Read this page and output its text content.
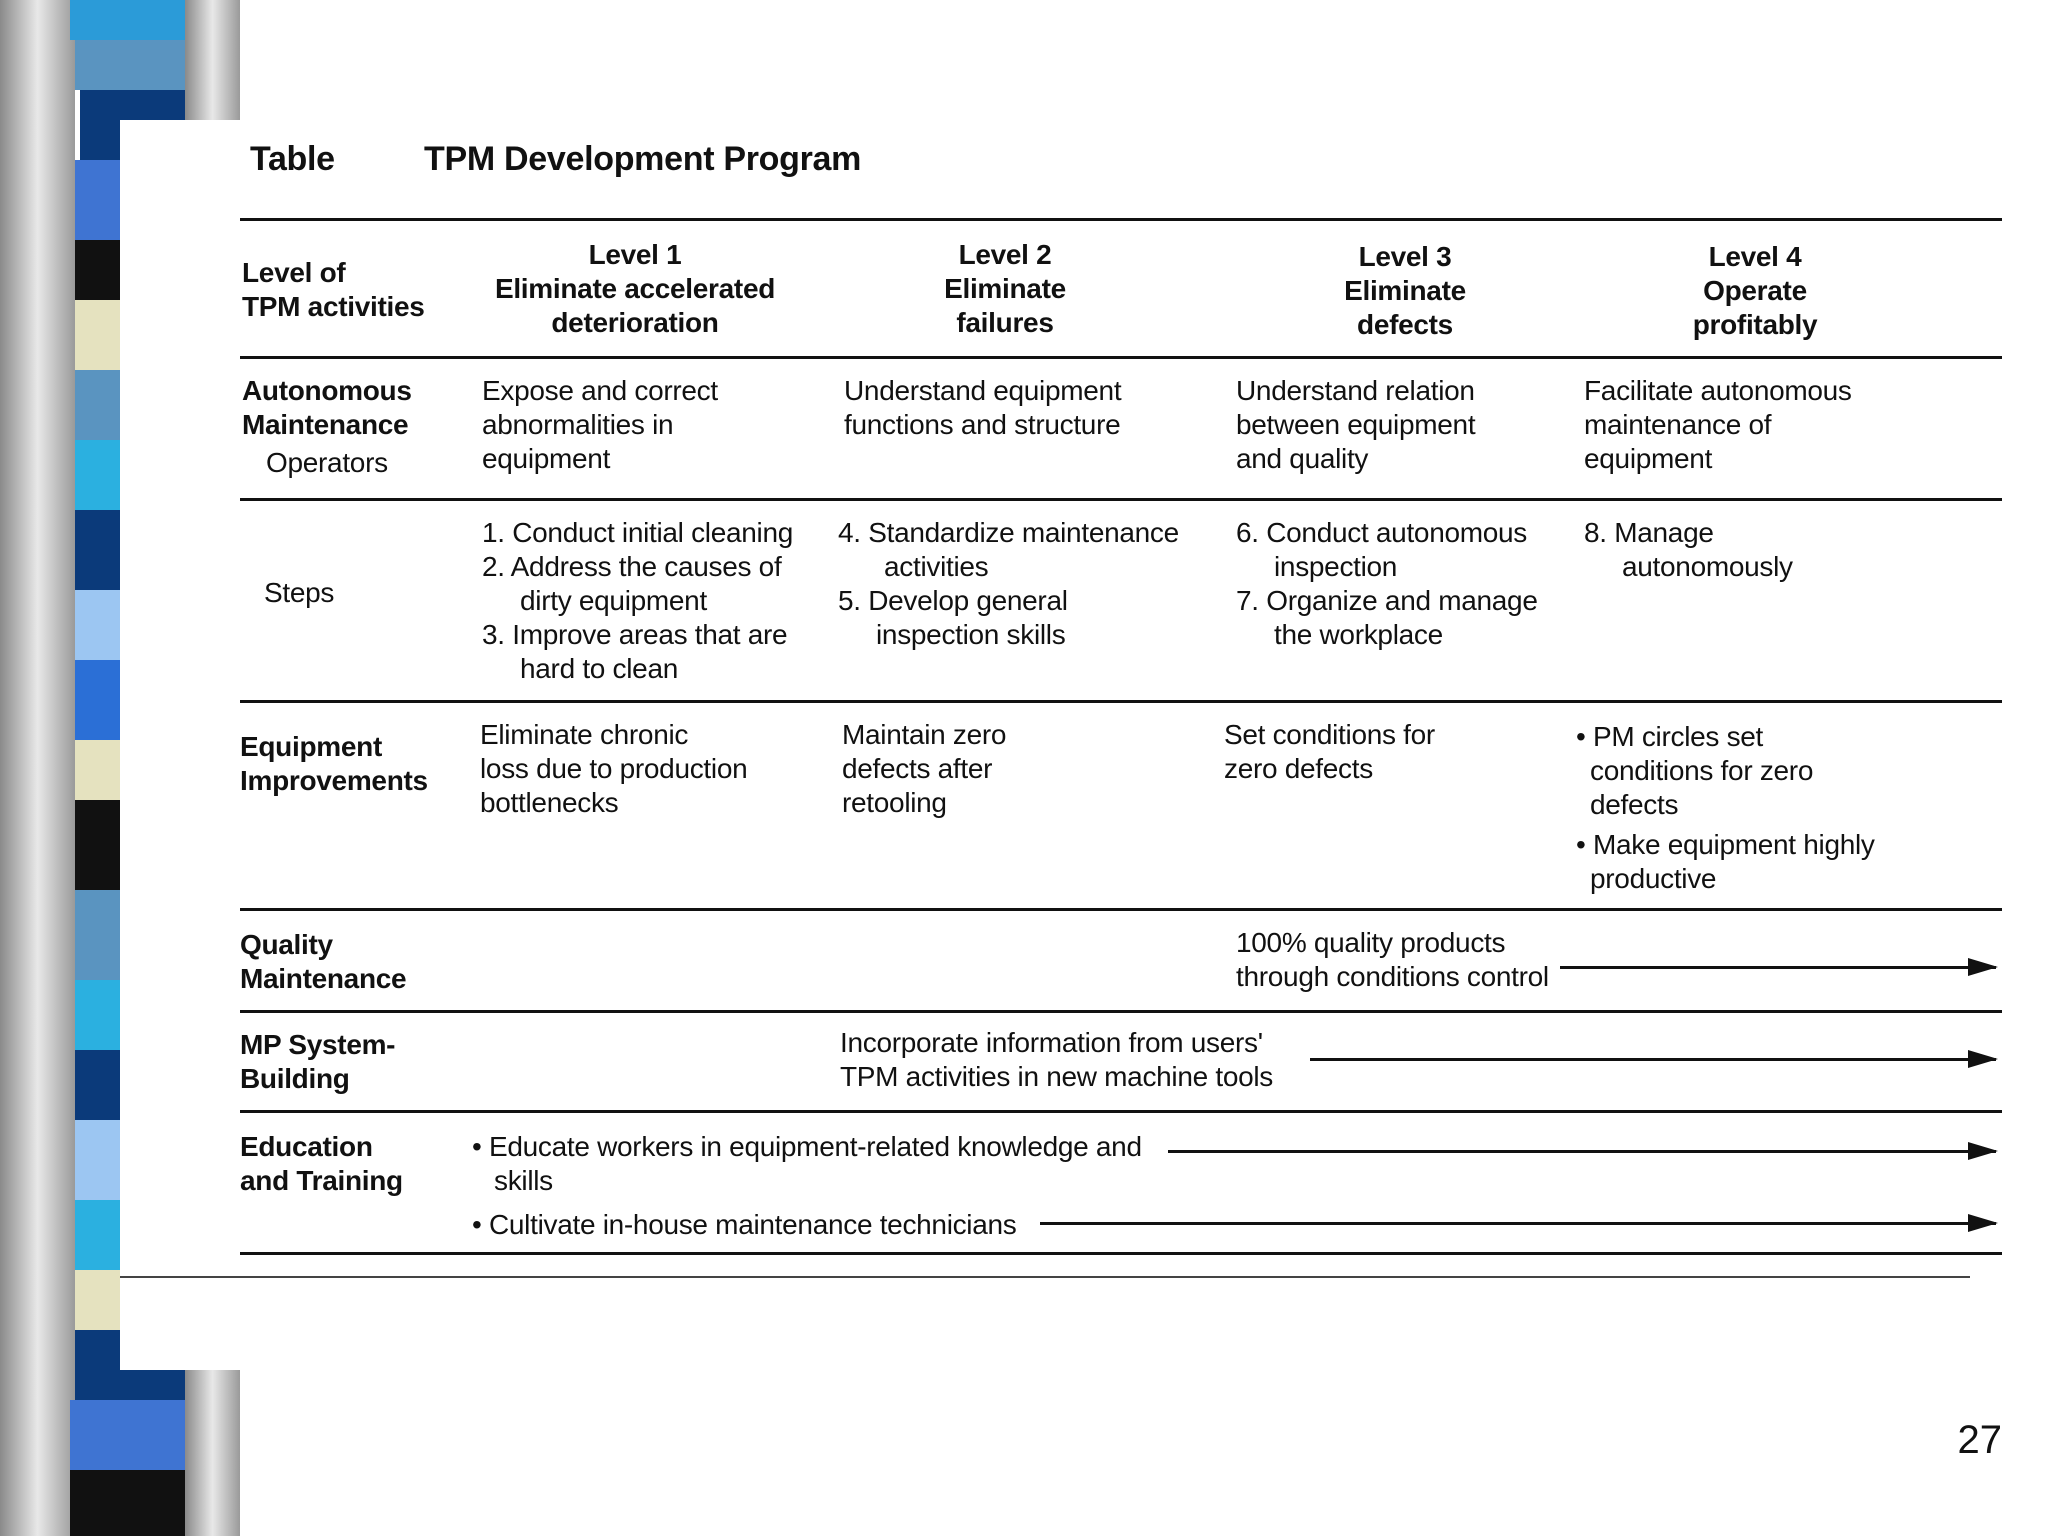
Table	TPM Development Program
Level of
TPM activities
Level 1
Eliminate accelerated
deterioration
Level 2
Eliminate
failures
Level 3
Eliminate
defects
Level 4
Operate
profitably
Autonomous
Maintenance
Operators
Expose and correct
abnormalities in
equipment
Understand equipment
functions and structure
Understand relation
between equipment
and quality
Facilitate autonomous
maintenance of
equipment
Steps
1. Conduct initial cleaning
2. Address the causes of
dirty equipment
3. Improve areas that are
hard to clean
4. Standardize maintenance
activities
5. Develop general
inspection skills
6. Conduct autonomous
inspection
7. Organize and manage
the workplace
8. Manage
autonomously
Equipment
Improvements
Eliminate chronic
loss due to production
bottlenecks
Maintain zero
defects after
retooling
Set conditions for
zero defects
• PM circles set
conditions for zero
defects
• Make equipment highly
productive
Quality
Maintenance
100% quality products
through conditions control
MP System-
Building
Incorporate information from users'
TPM activities in new machine tools
Education
and Training
• Educate workers in equipment-related knowledge and
skills
• Cultivate in-house maintenance technicians
27
